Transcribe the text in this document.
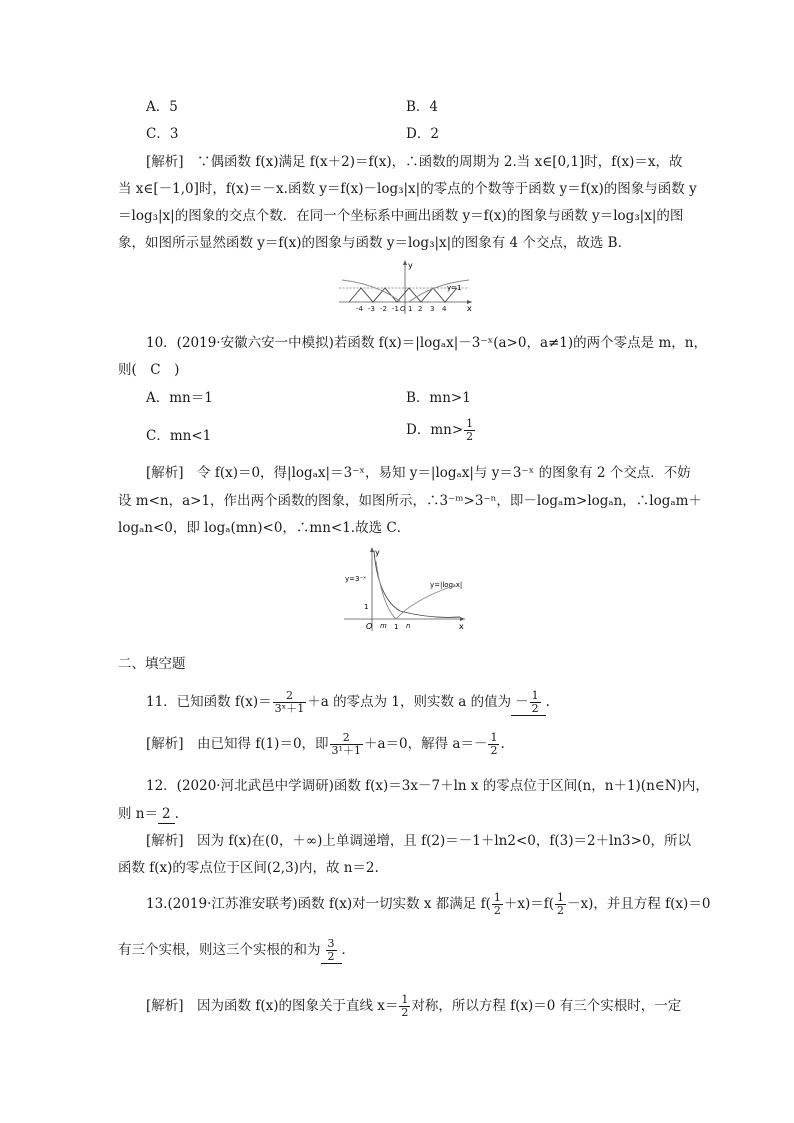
A．5	B．4
C．3	D．2
[解析]　∵偶函数 f(x)满足 f(x＋2)＝f(x)，∴函数的周期为 2.当 x∈[0,1]时，f(x)＝x，故
当 x∈[－1,0]时，f(x)＝－x.函数 y＝f(x)－log₃|x|的零点的个数等于函数 y＝f(x)的图象与函数 y
＝log₃|x|的图象的交点个数．在同一个坐标系中画出函数 y＝f(x)的图象与函数 y＝log₃|x|的图
象，如图所示显然函数 y＝f(x)的图象与函数 y＝log₃|x|的图象有 4 个交点，故选 B．
y
x
y=1
-4 -3 -2 -1 O 1 2 3 4
10．(2019·安徽六安一中模拟)若函数 f(x)＝|logₐx|－3⁻ˣ(a>0，a≠1)的两个零点是 m，n，
则(　C　)
A．mn＝1	B．mn>1
C．mn<1	D．$mn> \frac{1}{2}$
[解析]　令 f(x)＝0，得|logₐx|＝3⁻ˣ，易知 y＝|logₐx|与 y＝3⁻ˣ 的图象有 2 个交点．不妨
设 m<n，a>1，作出两个函数的图象，如图所示，∴3⁻ᵐ>3⁻ⁿ，即－logₐm>logₐn，∴logₐm＋
logₐn<0，即 logₐ(mn)<0，∴mn<1.故选 C．
y
x
y=3⁻ˣ
y=|logₐx|
1
O m 1 n
二、填空题
11．已知函数 $f(x)= \frac{2}{\text{3ˣ＋1}} +a$ 的零点为 1，则实数 a 的值为 － $\frac{1}{2}$ .
[解析]　由已知得 f(1)＝0，即 $\frac{2}{\text{3¹＋1}} +a=0$，解得 $a=- \frac{1}{2}$ .
12．(2020·河北武邑中学调研)函数 f(x)＝3x－7＋ln x 的零点位于区间(n，n＋1)(n∈N)内，
则 n＝ 2 .
[解析]　因为 f(x)在(0，＋∞)上单调递增，且 f(2)＝－1＋ln2<0，f(3)＝2＋ln3>0，所以
函数 f(x)的零点位于区间(2,3)内，故 n＝2.
13.(2019·江苏淮安联考)函数 f(x)对一切实数 x 都满足 $f( \frac{1}{2} +x)=f( \frac{1}{2} -x)$，并且方程 f(x)＝0
有三个实根，则这三个实根的和为 $\frac{3}{2}$ ．
[解析]　因为函数 f(x)的图象关于直线 $x= \frac{1}{2}$ 对称，所以方程 f(x)＝0 有三个实根时，一定
